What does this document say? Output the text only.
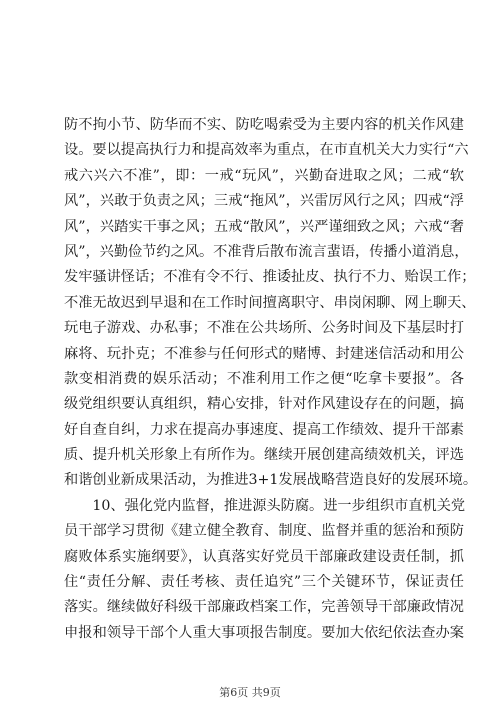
防不拘小节、防华而不实、防吃喝索受为主要内容的机关作风建
设。要以提高执行力和提高效率为重点，在市直机关大力实行“六
戒六兴六不准”，即：一戒“玩风”，兴勤奋进取之风；二戒“软
风”，兴敢于负责之风；三戒“拖风”，兴雷厉风行之风；四戒“浮
风”，兴踏实干事之风；五戒“散风”，兴严谨细致之风；六戒“奢
风”，兴勤俭节约之风。不准背后散布流言蜚语，传播小道消息，
发牢骚讲怪话；不准有令不行、推诿扯皮、执行不力、贻误工作；
不准无故迟到早退和在工作时间擅离职守、串岗闲聊、网上聊天、
玩电子游戏、办私事；不准在公共场所、公务时间及下基层时打
麻将、玩扑克；不准参与任何形式的赌博、封建迷信活动和用公
款变相消费的娱乐活动；不准利用工作之便“吃拿卡要报”。各
级党组织要认真组织，精心安排，针对作风建设存在的问题，搞
好自查自纠，力求在提高办事速度、提高工作绩效、提升干部素
质、提升机关形象上有所作为。继续开展创建高绩效机关，评选
和谐创业新成果活动，为推进3+1发展战略营造良好的发展环境。
　　10、强化党内监督，推进源头防腐。进一步组织市直机关党
员干部学习贯彻《建立健全教育、制度、监督并重的惩治和预防
腐败体系实施纲要》，认真落实好党员干部廉政建设责任制，抓
住“责任分解、责任考核、责任追究”三个关键环节，保证责任
落实。继续做好科级干部廉政档案工作，完善领导干部廉政情况
申报和领导干部个人重大事项报告制度。要加大依纪依法查办案
第6页 共9页
